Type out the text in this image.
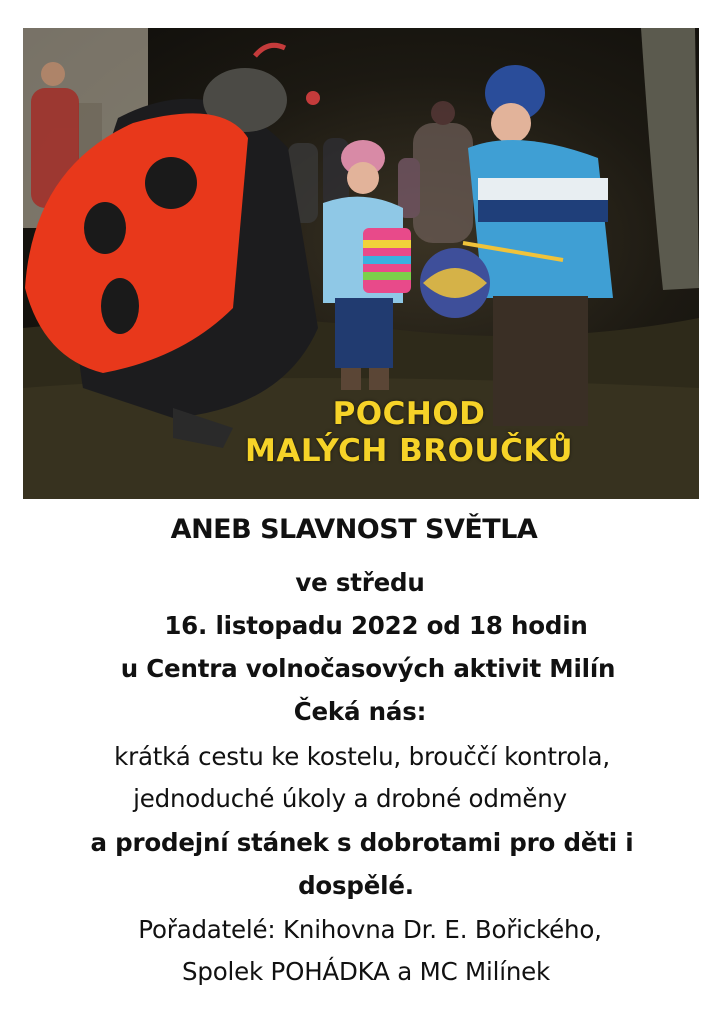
POCHOD
MALÝCH BROUČKŮ
ANEB SLAVNOST SVĚTLA
ve středu
16. listopadu 2022 od 18 hodin
u Centra volnočasových aktivit Milín
Čeká nás:
krátká cestu ke kostelu, brouččí kontrola,
jednoduché úkoly a drobné odměny
a prodejní stánek s dobrotami pro děti i
dospělé.
Pořadatelé: Knihovna Dr. E. Bořického,
Spolek POHÁDKA a MC Milínek
